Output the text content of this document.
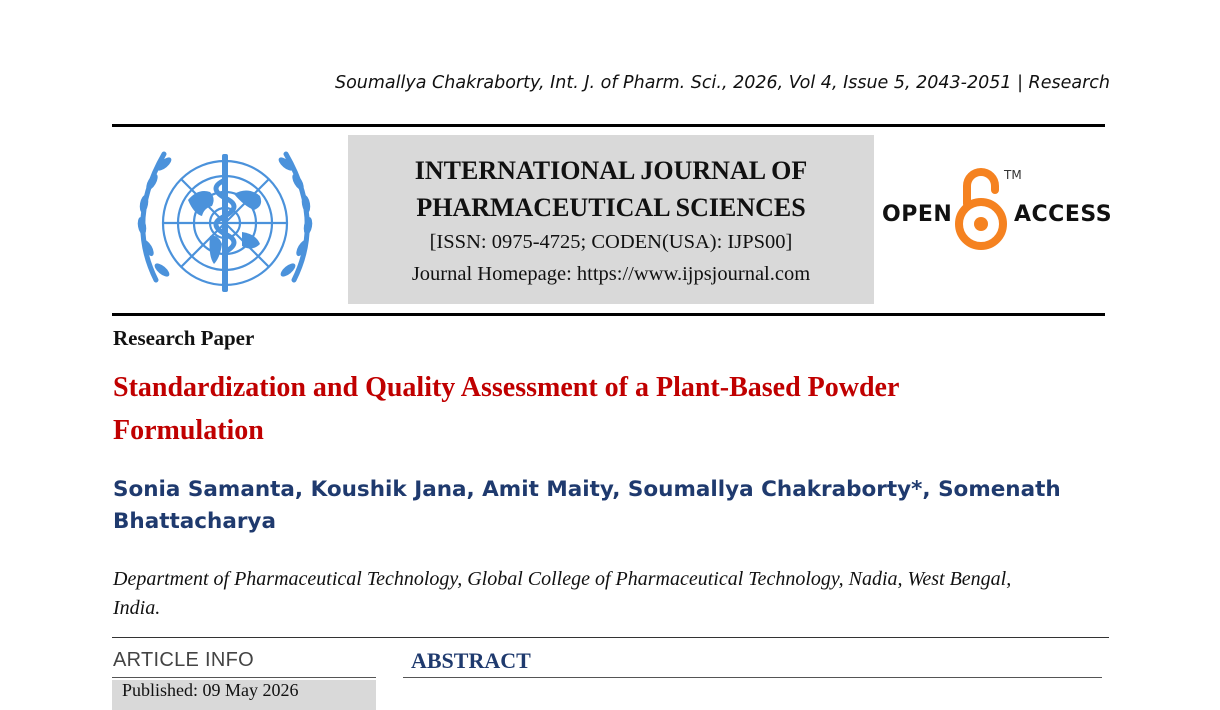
Soumallya Chakraborty, Int. J. of Pharm. Sci., 2026, Vol 4, Issue 5, 2043-2051 | Research
INTERNATIONAL JOURNAL OF
PHARMACEUTICAL SCIENCES
[ISSN: 0975-4725; CODEN(USA): IJPS00]
Journal Homepage: https://www.ijpsjournal.com
OPEN
TM
ACCESS
Research Paper
Standardization and Quality Assessment of a Plant-Based Powder
Formulation
Sonia Samanta, Koushik Jana, Amit Maity, Soumallya Chakraborty*, Somenath
Bhattacharya
Department of Pharmaceutical Technology, Global College of Pharmaceutical Technology, Nadia, West Bengal,
India.
ARTICLE INFO
Published: 09 May 2026
ABSTRACT
